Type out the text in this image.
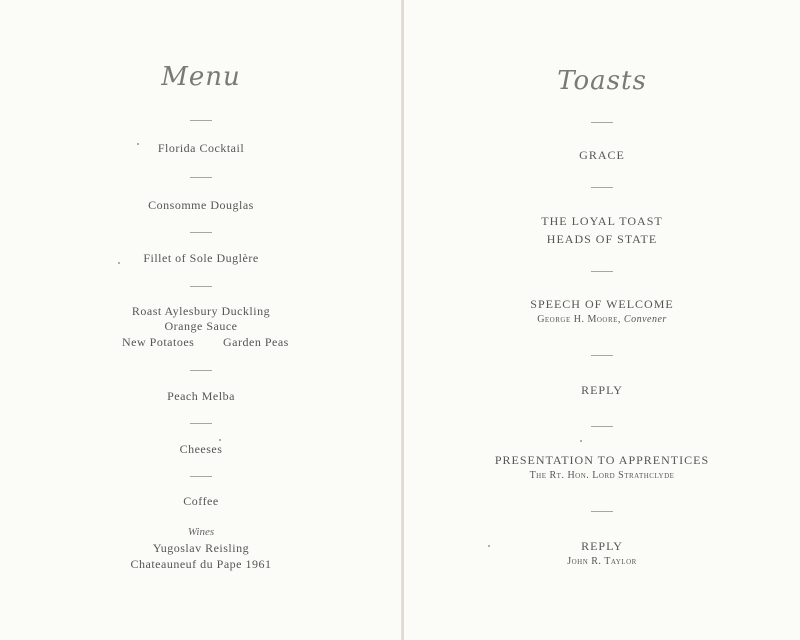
Menu
Florida Cocktail
Consomme Douglas
Fillet of Sole Duglère
Roast Aylesbury Duckling
Orange Sauce
New Potatoes Garden Peas
Peach Melba
Cheeses
Coffee
Wines
Yugoslav Reisling
Chateauneuf du Pape 1961
Toasts
GRACE
THE LOYAL TOAST
HEADS OF STATE
SPEECH OF WELCOME
George H. Moore, Convener
REPLY
PRESENTATION TO APPRENTICES
The Rt. Hon. Lord Strathclyde
REPLY
John R. Taylor
